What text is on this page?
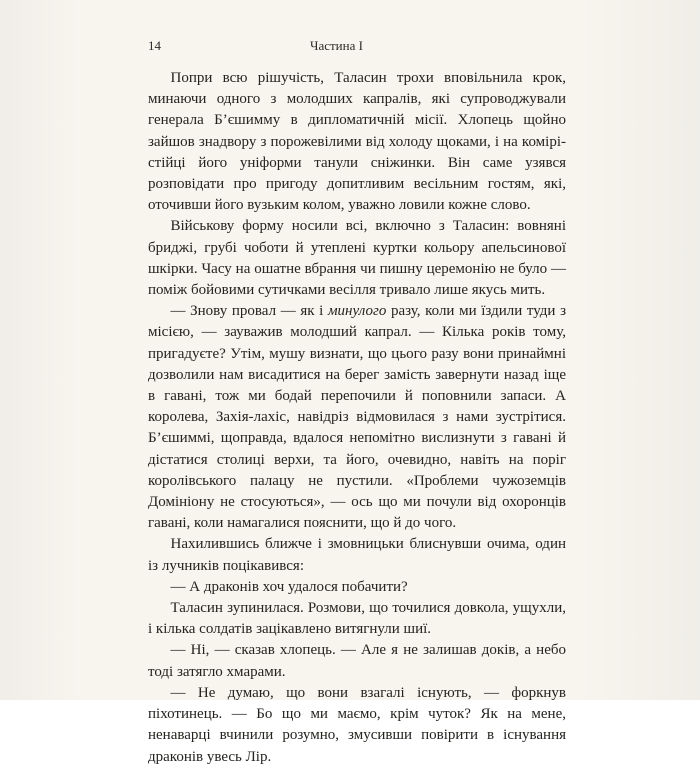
14	Частина І

Попри всю рішучість, Таласин трохи вповільнила крок, минаючи одного з молодших капралів, які супроводжували генерала Б’єшимму в дипломатичній місії. Хлопець щойно зайшов знадвору з порожевілими від холоду щоками, і на комірі-стійці його уніформи танули сніжинки. Він саме узявся розповідати про пригоду допитливим весільним гостям, які, оточивши його вузьким колом, уважно ловили кожне слово.

Військову форму носили всі, включно з Таласин: вовняні бриджі, грубі чоботи й утеплені куртки кольору апельсинової шкірки. Часу на ошатне вбрання чи пишну церемонію не було — поміж бойовими сутичками весілля тривало лише якусь мить.

— Знову провал — як і минулого разу, коли ми їздили туди з місією, — зауважив молодший капрал. — Кілька років тому, пригадуєте? Утім, мушу визнати, що цього разу вони принаймні дозволили нам висадитися на берег замість завернути назад іще в гавані, тож ми бодай перепочили й поповнили запаси. А королева, Захія-лахіс, навідріз відмовилася з нами зустрітися. Б’єшиммі, щоправда, вдалося непомітно вислизнути з гавані й дістатися столиці верхи, та його, очевидно, навіть на поріг королівського палацу не пустили. «Проблеми чужоземців Домініону не стосуються», — ось що ми почули від охоронців гавані, коли намагалися пояснити, що й до чого.

Нахилившись ближче і змовницьки блиснувши очима, один із лучників поцікавився:

— А драконів хоч удалося побачити?

Таласин зупинилася. Розмови, що точилися довкола, ущухли, і кілька солдатів зацікавлено витягнули шиї.

— Ні, — сказав хлопець. — Але я не залишав доків, а небо тоді затягло хмарами.

— Не думаю, що вони взагалі існують, — форкнув піхотинець. — Бо що ми маємо, крім чуток? Як на мене, ненаварці вчинили розумно, змусивши повірити в існування драконів увесь Лір.
